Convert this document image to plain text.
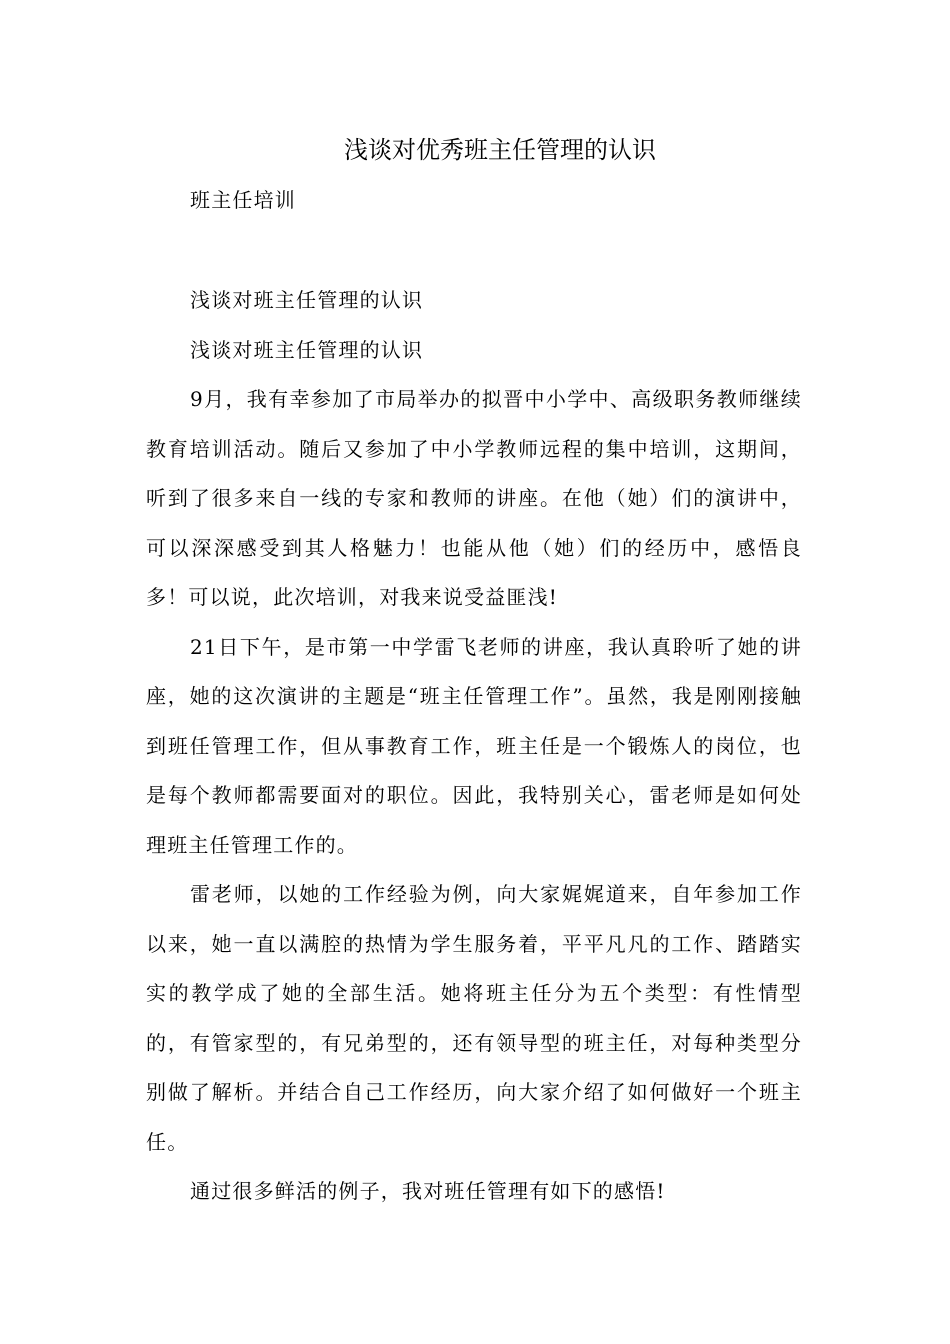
浅谈对优秀班主任管理的认识

班主任培训

浅谈对班主任管理的认识

浅谈对班主任管理的认识

9月，我有幸参加了市局举办的拟晋中小学中、高级职务教师继续教育培训活动。随后又参加了中小学教师远程的集中培训，这期间，听到了很多来自一线的专家和教师的讲座。在他（她）们的演讲中，可以深深感受到其人格魅力！也能从他（她）们的经历中，感悟良多！可以说，此次培训，对我来说受益匪浅!

21日下午，是市第一中学雷飞老师的讲座，我认真聆听了她的讲座，她的这次演讲的主题是“班主任管理工作”。虽然，我是刚刚接触到班任管理工作，但从事教育工作，班主任是一个锻炼人的岗位，也是每个教师都需要面对的职位。因此，我特别关心，雷老师是如何处理班主任管理工作的。

雷老师，以她的工作经验为例，向大家娓娓道来，自年参加工作以来，她一直以满腔的热情为学生服务着，平平凡凡的工作、踏踏实实的教学成了她的全部生活。她将班主任分为五个类型：有性情型的，有管家型的，有兄弟型的，还有领导型的班主任，对每种类型分别做了解析。并结合自己工作经历，向大家介绍了如何做好一个班主任。

通过很多鲜活的例子，我对班任管理有如下的感悟!
